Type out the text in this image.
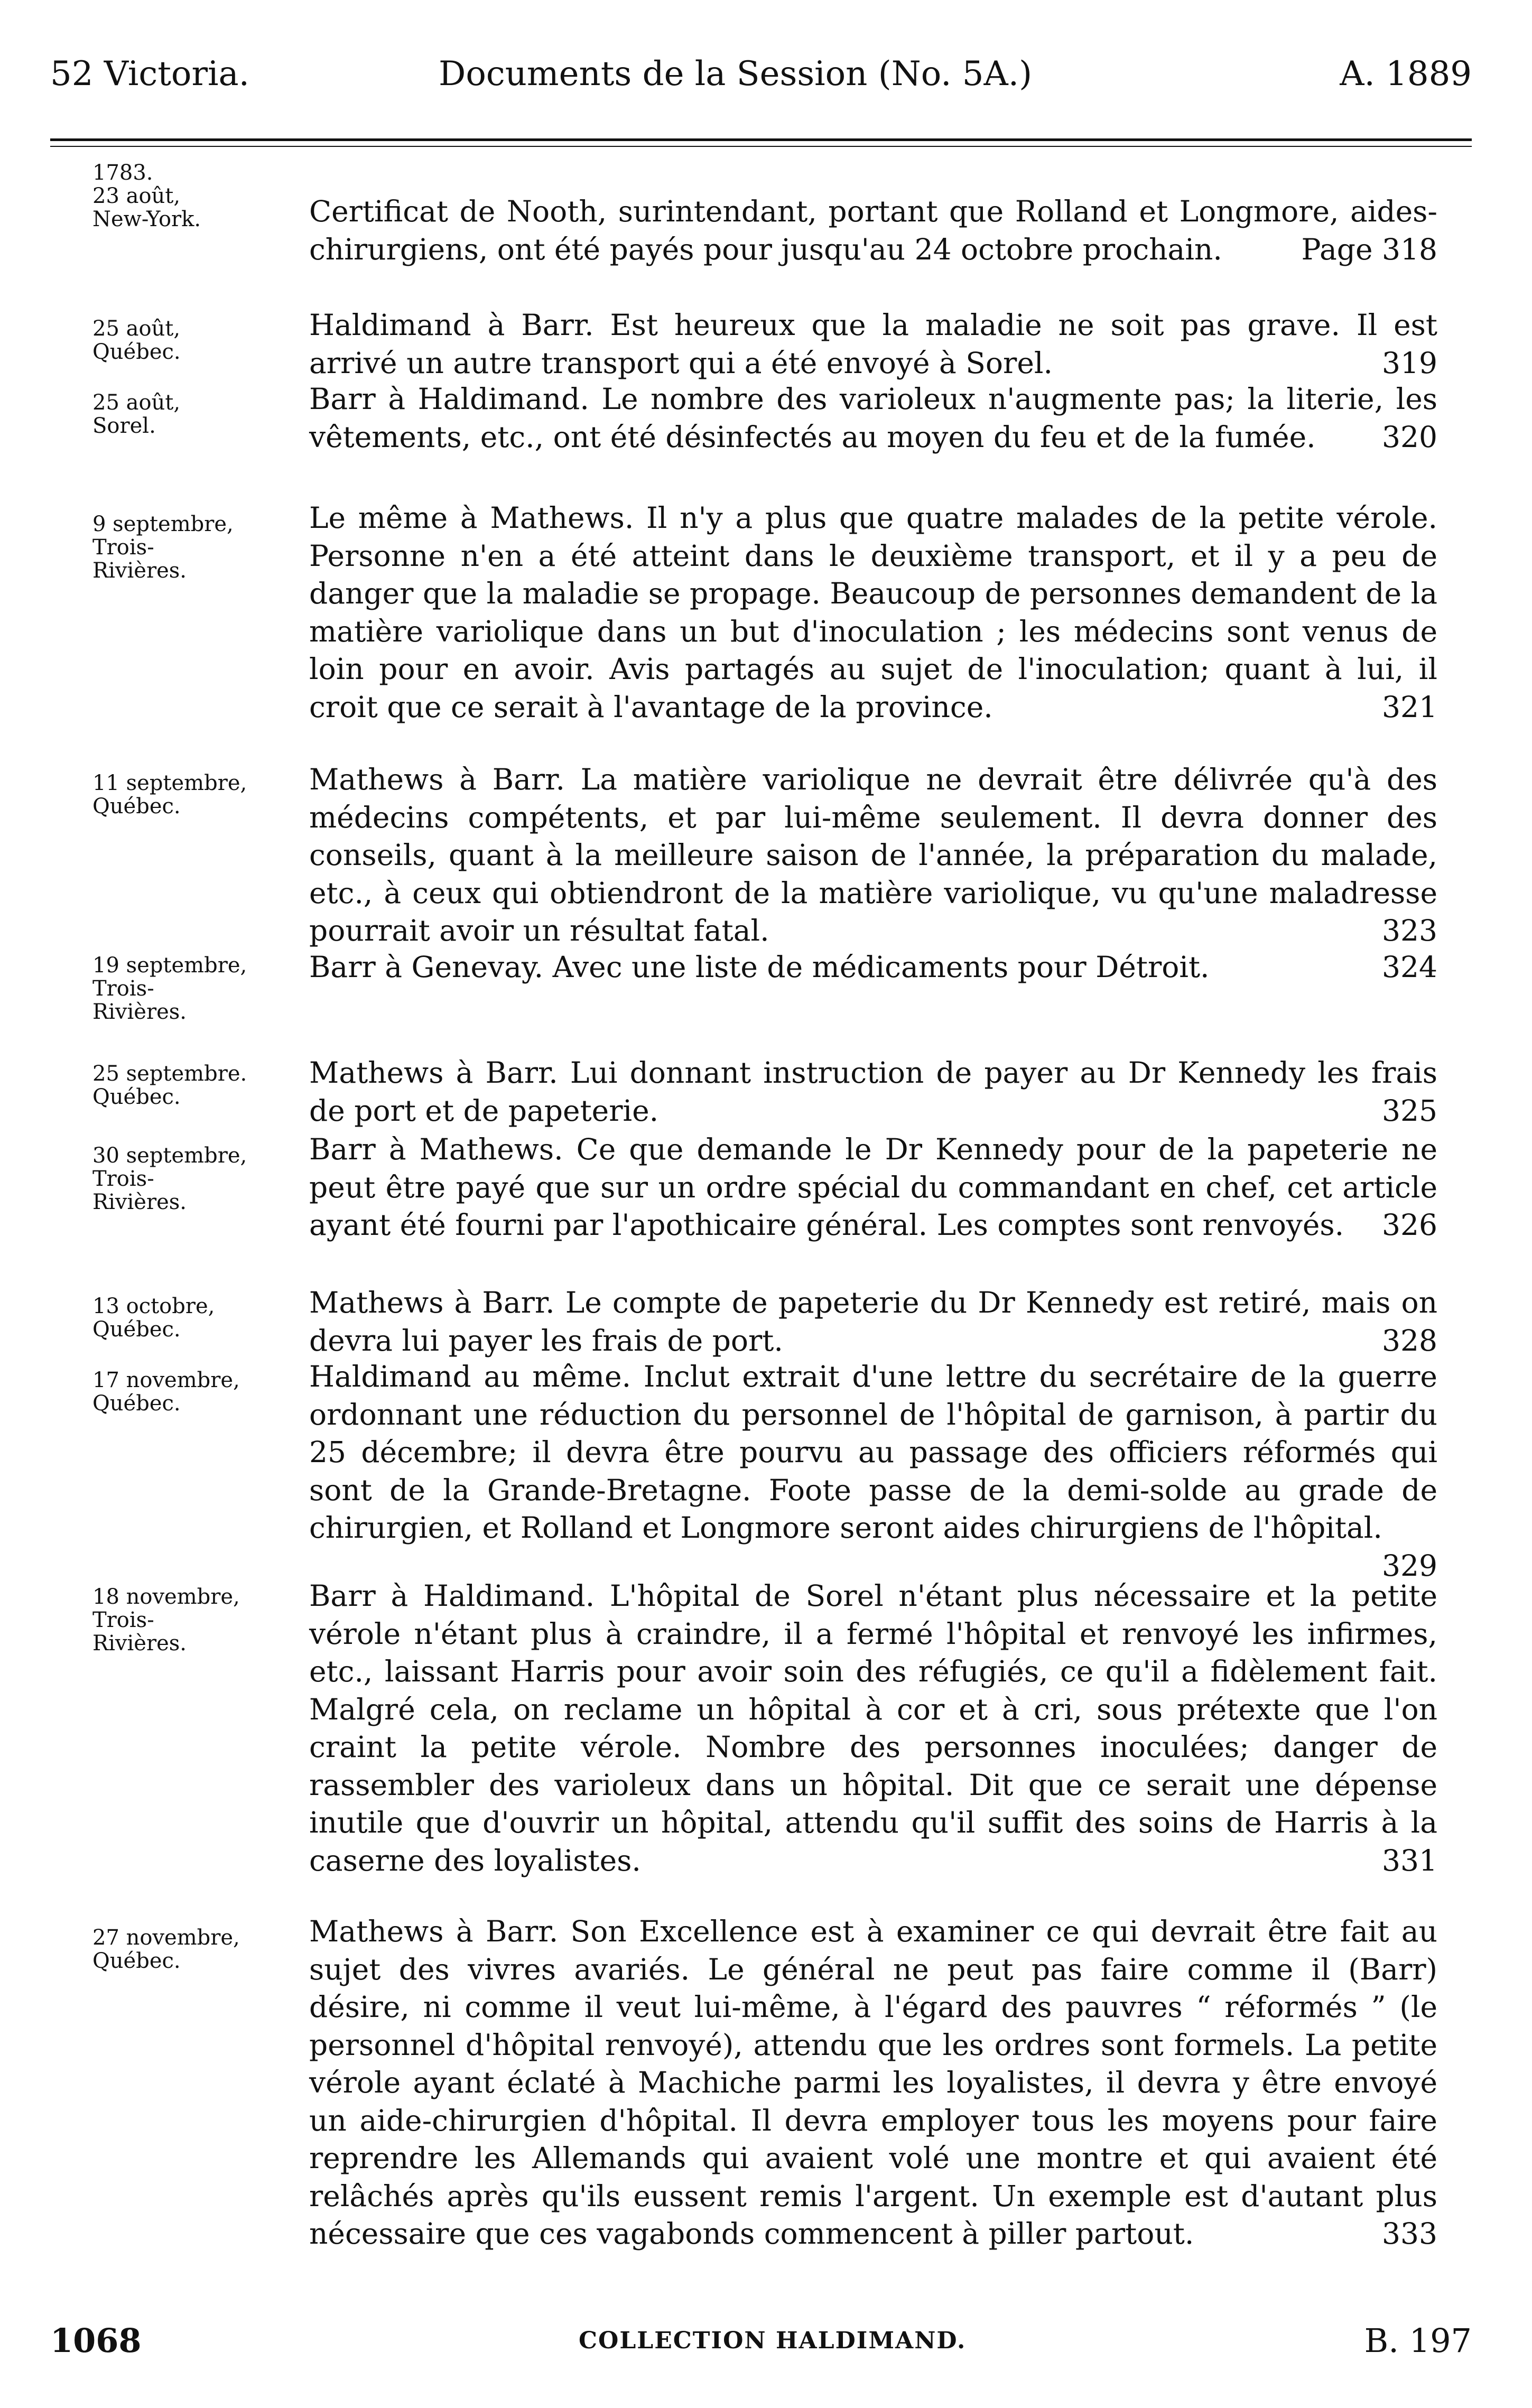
52 Victoria.	Documents de la Session (No. 5A.)	A. 1889
1783.
23 août,
New-York.	Certificat de Nooth, surintendant, portant que Rolland et Longmore, aides-chirurgiens, ont été payés pour jusqu'au 24 octobre prochain.	Page 318
25 août,
Québec.
Haldimand à Barr. Est heureux que la maladie ne soit pas grave. Il est arrivé un autre transport qui a été envoyé à Sorel.	319
25 août,
Sorel.
Barr à Haldimand. Le nombre des varioleux n'augmente pas; la literie, les vêtements, etc., ont été désinfectés au moyen du feu et de la fumée. 320
9 septembre,
Trois-
Rivières.
Le même à Mathews. Il n'y a plus que quatre malades de la petite vérole. Personne n'en a été atteint dans le deuxième transport, et il y a peu de danger que la maladie se propage. Beaucoup de personnes demandent de la matière variolique dans un but d'inoculation ; les médecins sont venus de loin pour en avoir. Avis partagés au sujet de l'inoculation; quant à lui, il croit que ce serait à l'avantage de la province.	321
11 septembre,
Québec.
Mathews à Barr. La matière variolique ne devrait être délivrée qu'à des médecins compétents, et par lui-même seulement. Il devra donner des conseils, quant à la meilleure saison de l'année, la préparation du malade, etc., à ceux qui obtiendront de la matière variolique, vu qu'une maladresse pourrait avoir un résultat fatal.	323
19 septembre,
Trois-
Rivières.
Barr à Genevay. Avec une liste de médicaments pour Détroit.	324
25 septembre.
Québec.
Mathews à Barr. Lui donnant instruction de payer au Dr Kennedy les frais de port et de papeterie.	325
30 septembre,
Trois-
Rivières.
Barr à Mathews. Ce que demande le Dr Kennedy pour de la papeterie ne peut être payé que sur un ordre spécial du commandant en chef, cet article ayant été fourni par l'apothicaire général. Les comptes sont renvoyés. 326
13 octobre,
Québec.
Mathews à Barr. Le compte de papeterie du Dr Kennedy est retiré, mais on devra lui payer les frais de port.	328
17 novembre,
Québec.
Haldimand au même. Inclut extrait d'une lettre du secrétaire de la guerre ordonnant une réduction du personnel de l'hôpital de garnison, à partir du 25 décembre; il devra être pourvu au passage des officiers réformés qui sont de la Grande-Bretagne. Foote passe de la demi-solde au grade de chirurgien, et Rolland et Longmore seront aides chirurgiens de l'hôpital.
329
18 novembre,
Trois-
Rivières.
Barr à Haldimand. L'hôpital de Sorel n'étant plus nécessaire et la petite vérole n'étant plus à craindre, il a fermé l'hôpital et renvoyé les infirmes, etc., laissant Harris pour avoir soin des réfugiés, ce qu'il a fidèlement fait. Malgré cela, on reclame un hôpital à cor et à cri, sous prétexte que l'on craint la petite vérole. Nombre des personnes inoculées; danger de rassembler des varioleux dans un hôpital. Dit que ce serait une dépense inutile que d'ouvrir un hôpital, attendu qu'il suffit des soins de Harris à la caserne des loyalistes.	331
27 novembre,
Québec.
Mathews à Barr. Son Excellence est à examiner ce qui devrait être fait au sujet des vivres avariés. Le général ne peut pas faire comme il (Barr) désire, ni comme il veut lui-même, à l'égard des pauvres “ réformés ” (le personnel d'hôpital renvoyé), attendu que les ordres sont formels. La petite vérole ayant éclaté à Machiche parmi les loyalistes, il devra y être envoyé un aide-chirurgien d'hôpital. Il devra employer tous les moyens pour faire reprendre les Allemands qui avaient volé une montre et qui avaient été relâchés après qu'ils eussent remis l'argent. Un exemple est d'autant plus nécessaire que ces vagabonds commencent à piller partout.	333
1068	COLLECTION HALDIMAND.	B. 197
